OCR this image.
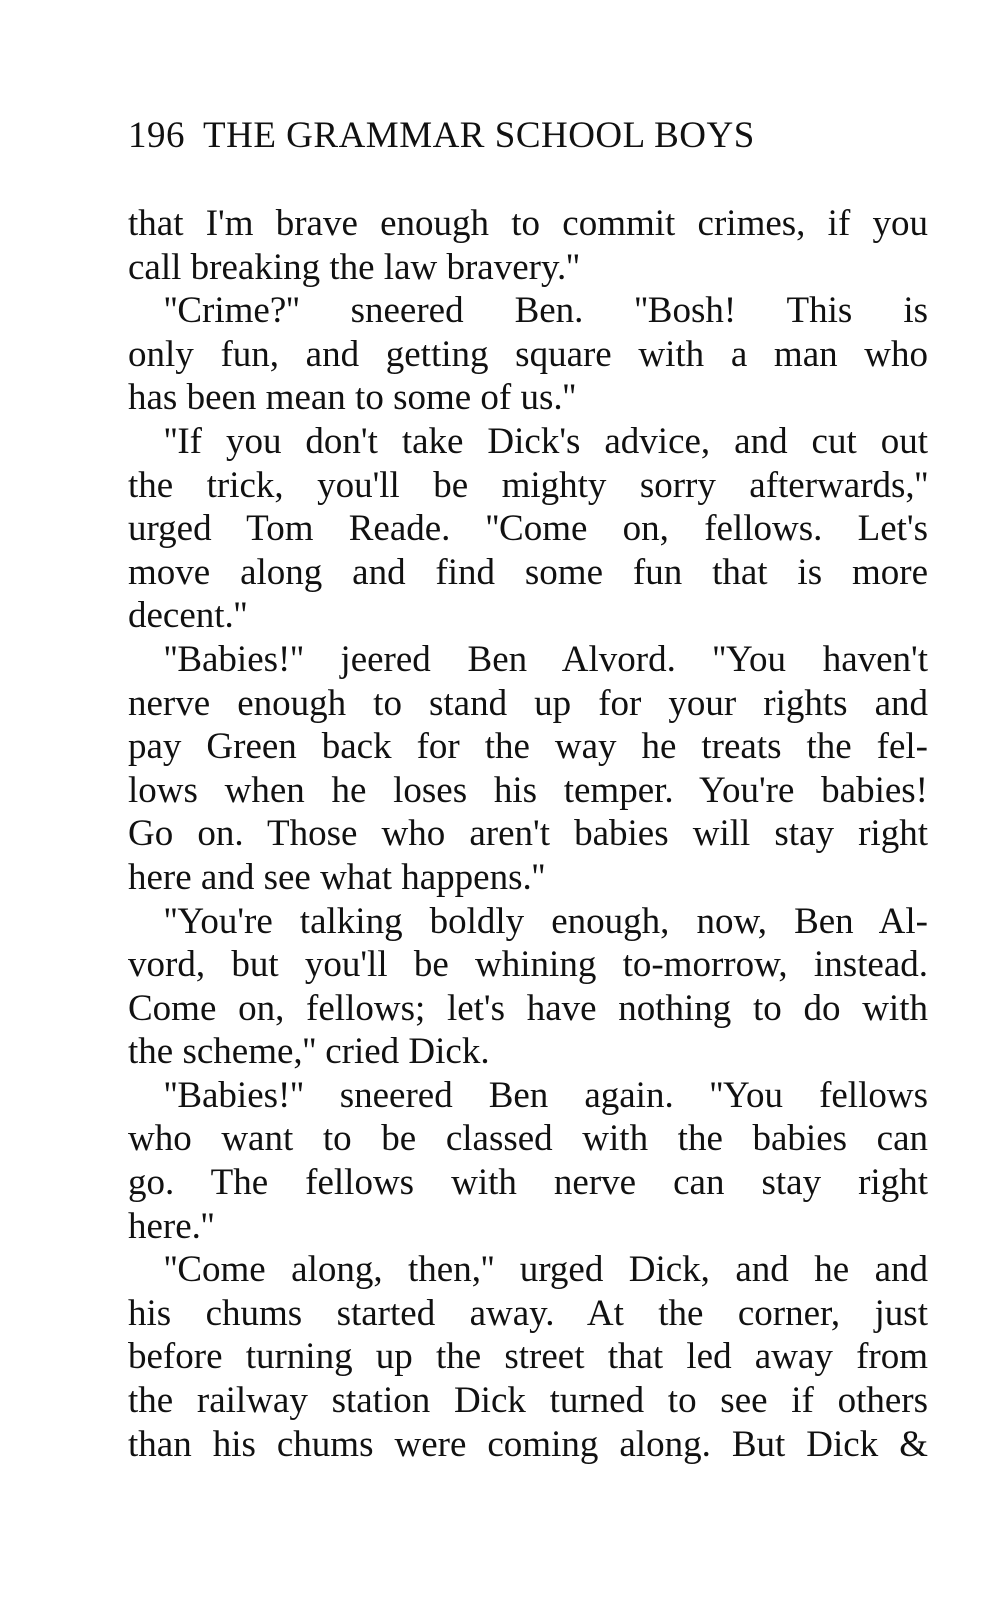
196 THE GRAMMAR SCHOOL BOYS

that I'm brave enough to commit crimes, if you
call breaking the law bravery.''

''Crime?'' sneered Ben. ''Bosh! This is
only fun, and getting square with a man who
has been mean to some of us.''

''If you don't take Dick's advice, and cut out
the trick, you'll be mighty sorry afterwards,''
urged Tom Reade. ''Come on, fellows. Let's
move along and find some fun that is more
decent.''

''Babies!'' jeered Ben Alvord. ''You haven't
nerve enough to stand up for your rights and
pay Green back for the way he treats the fel-
lows when he loses his temper. You're babies!
Go on. Those who aren't babies will stay right
here and see what happens.''

''You're talking boldly enough, now, Ben Al-
vord, but you'll be whining to-morrow, instead.
Come on, fellows; let's have nothing to do with
the scheme,'' cried Dick.

''Babies!'' sneered Ben again. ''You fellows
who want to be classed with the babies can
go. The fellows with nerve can stay right
here.''

''Come along, then,'' urged Dick, and he and
his chums started away. At the corner, just
before turning up the street that led away from
the railway station Dick turned to see if others
than his chums were coming along. But Dick &
